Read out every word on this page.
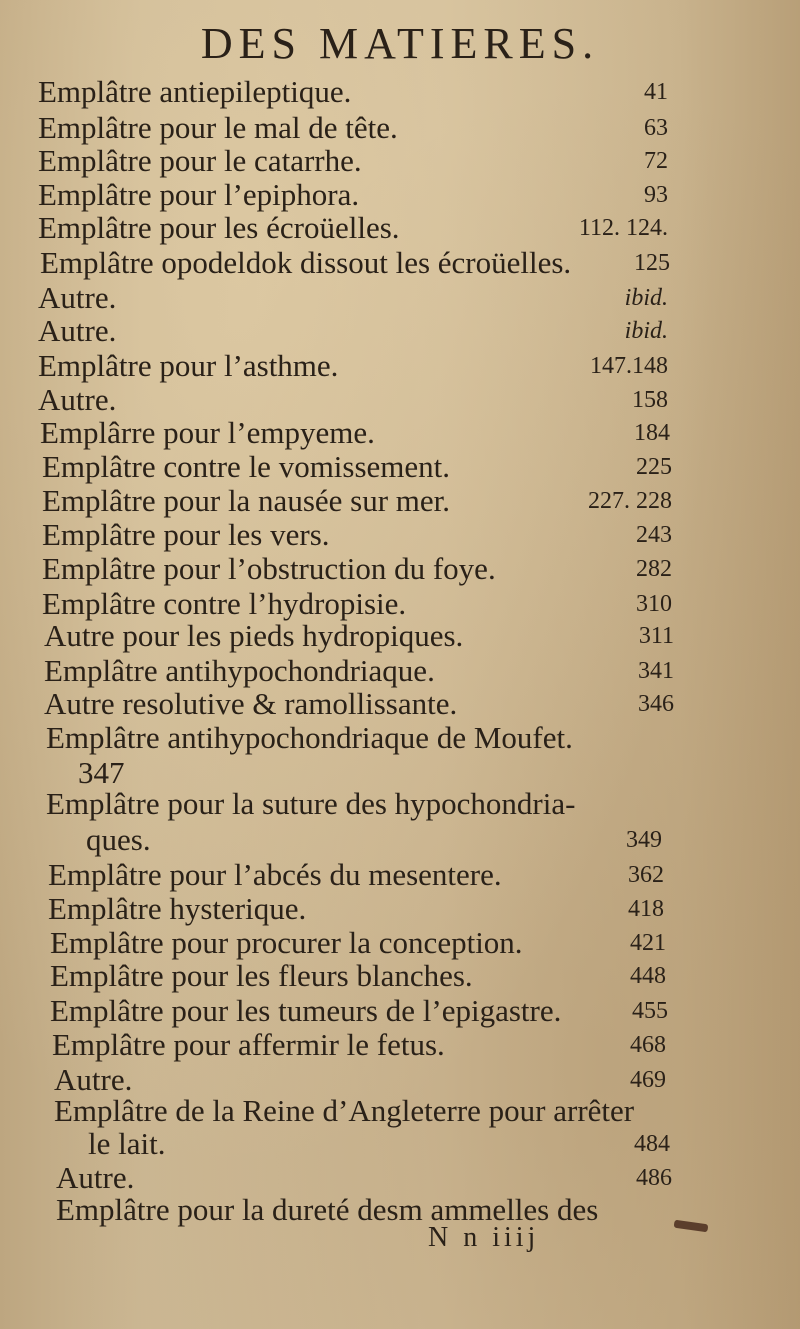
DES MATIERES.
Emplâtre antiepileptique.	41
Emplâtre pour le mal de tête.	63
Emplâtre pour le catarrhe.	72
Emplâtre pour l’epiphora.	93
Emplâtre pour les écroüelles.	112. 124.
Emplâtre opodeldok dissout les écroüelles.	125
Autre.	ibid.
Autre.	ibid.
Emplâtre pour l’asthme.	147.148
Autre.	158
Emplârre pour l’empyeme.	184
Emplâtre contre le vomissement.	225
Emplâtre pour la nausée sur mer.	227. 228
Emplâtre pour les vers.	243
Emplâtre pour l’obstruction du foye.	282
Emplâtre contre l’hydropisie.	310
Autre pour les pieds hydropiques.	311
Emplâtre antihypochondriaque.	341
Autre resolutive & ramollissante.	346
Emplâtre antihypochondriaque de Moufet.
347
Emplâtre pour la suture des hypochondria-
ques.	349
Emplâtre pour l’abcés du mesentere.	362
Emplâtre hysterique.	418
Emplâtre pour procurer la conception.	421
Emplâtre pour les fleurs blanches.	448
Emplâtre pour les tumeurs de l’epigastre.	455
Emplâtre pour affermir le fetus.	468
Autre.	469
Emplâtre de la Reine d’Angleterre pour arrêter
le lait.	484
Autre.	486
Emplâtre pour la dureté desm ammelles des
N n iiij
